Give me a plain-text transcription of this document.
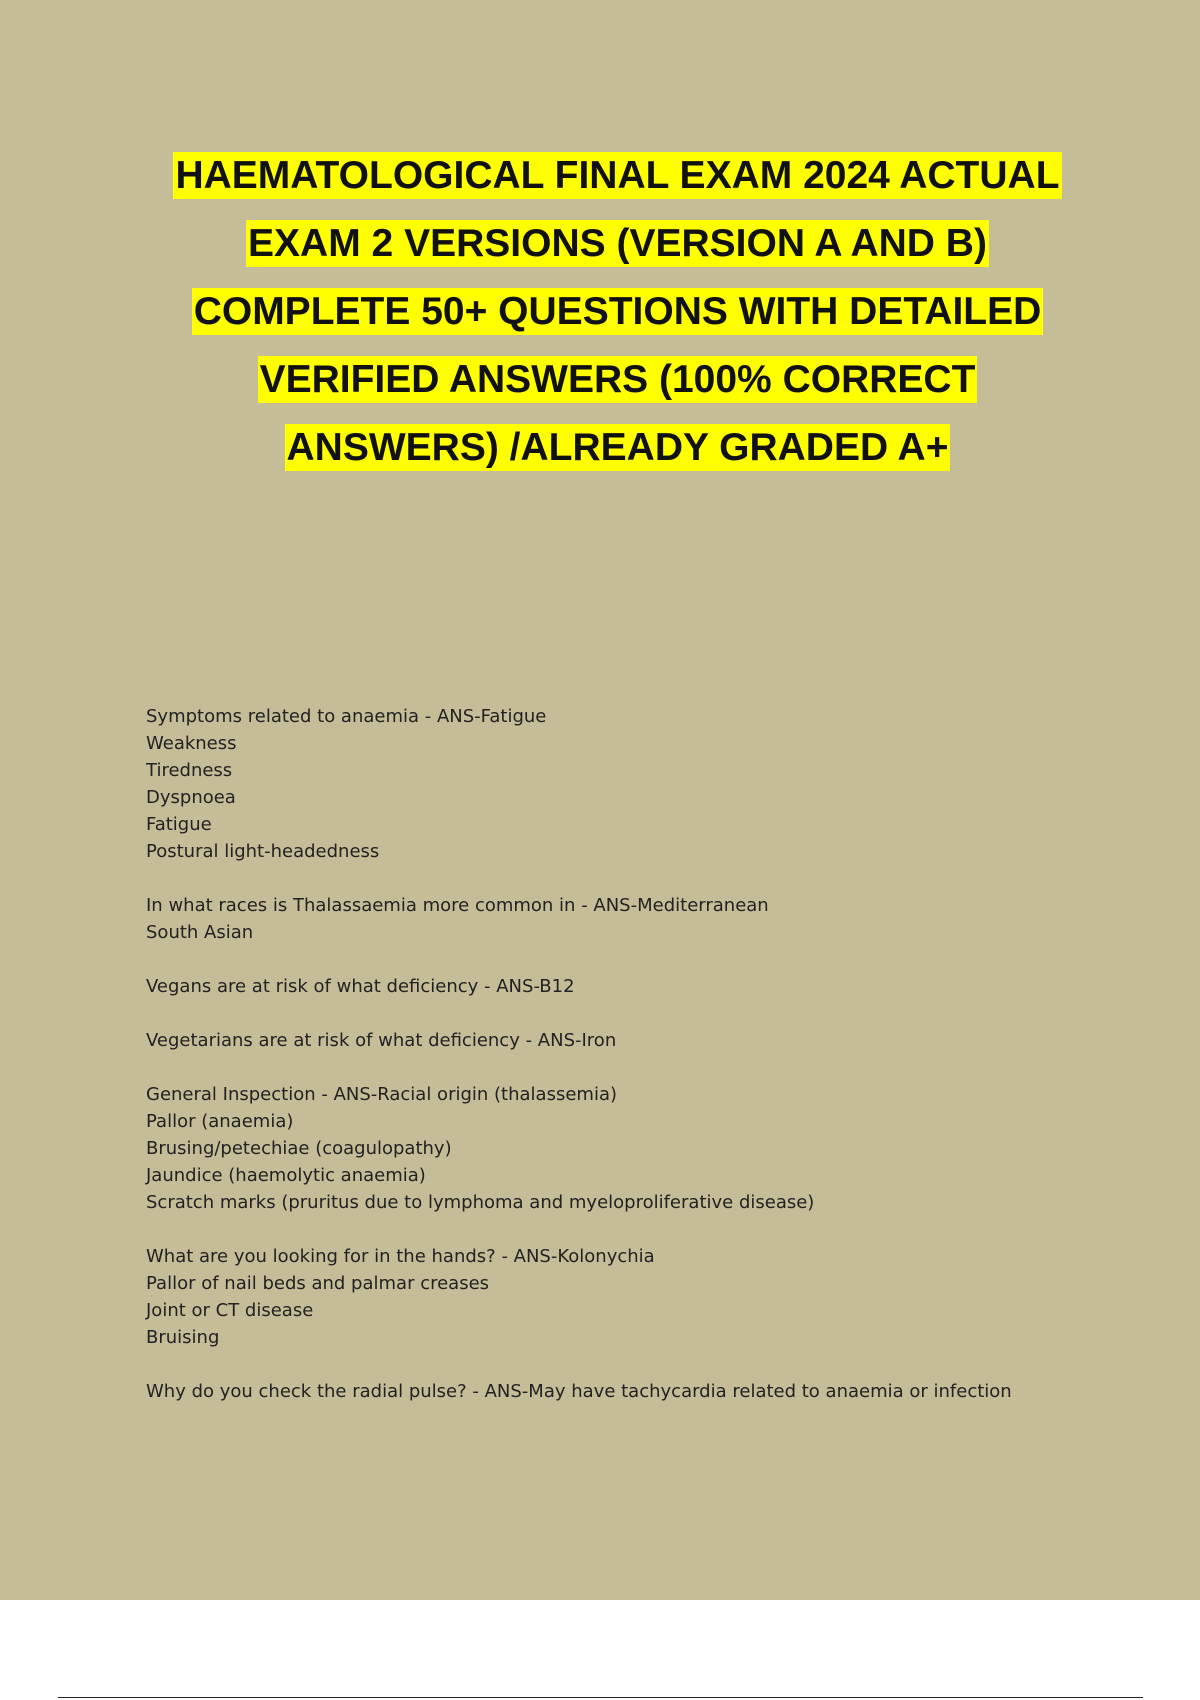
HAEMATOLOGICAL FINAL EXAM 2024 ACTUAL
EXAM 2 VERSIONS (VERSION A AND B)
COMPLETE 50+ QUESTIONS WITH DETAILED
VERIFIED ANSWERS (100% CORRECT
ANSWERS) /ALREADY GRADED A+
Symptoms related to anaemia - ANS-Fatigue
Weakness
Tiredness
Dyspnoea
Fatigue
Postural light-headedness
In what races is Thalassaemia more common in - ANS-Mediterranean
South Asian
Vegans are at risk of what deficiency - ANS-B12
Vegetarians are at risk of what deficiency - ANS-Iron
General Inspection - ANS-Racial origin (thalassemia)
Pallor (anaemia)
Brusing/petechiae (coagulopathy)
Jaundice (haemolytic anaemia)
Scratch marks (pruritus due to lymphoma and myeloproliferative disease)
What are you looking for in the hands? - ANS-Kolonychia
Pallor of nail beds and palmar creases
Joint or CT disease
Bruising
Why do you check the radial pulse? - ANS-May have tachycardia related to anaemia or infection
